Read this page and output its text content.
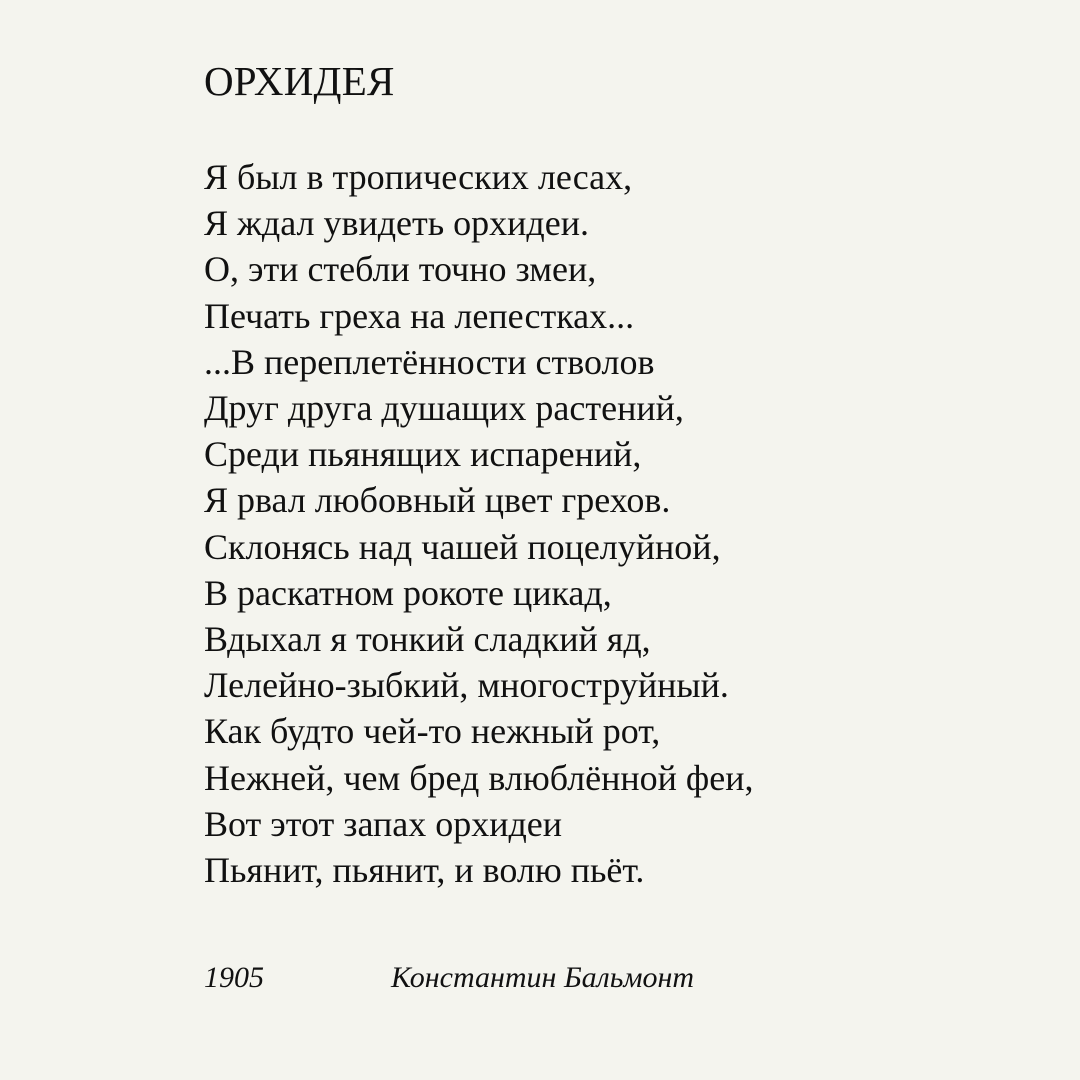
ОРХИДЕЯ
Я был в тропических лесах,
Я ждал увидеть орхидеи.
О, эти стебли точно змеи,
Печать греха на лепестках...
...В переплетённости стволов
Друг друга душащих растений,
Среди пьянящих испарений,
Я рвал любовный цвет грехов.
Склонясь над чашей поцелуйной,
В раскатном рокоте цикад,
Вдыхал я тонкий сладкий яд,
Лелейно-зыбкий, многоструйный.
Как будто чей-то нежный рот,
Нежней, чем бред влюблённой феи,
Вот этот запах орхидеи
Пьянит, пьянит, и волю пьёт.
1905	Константин Бальмонт
